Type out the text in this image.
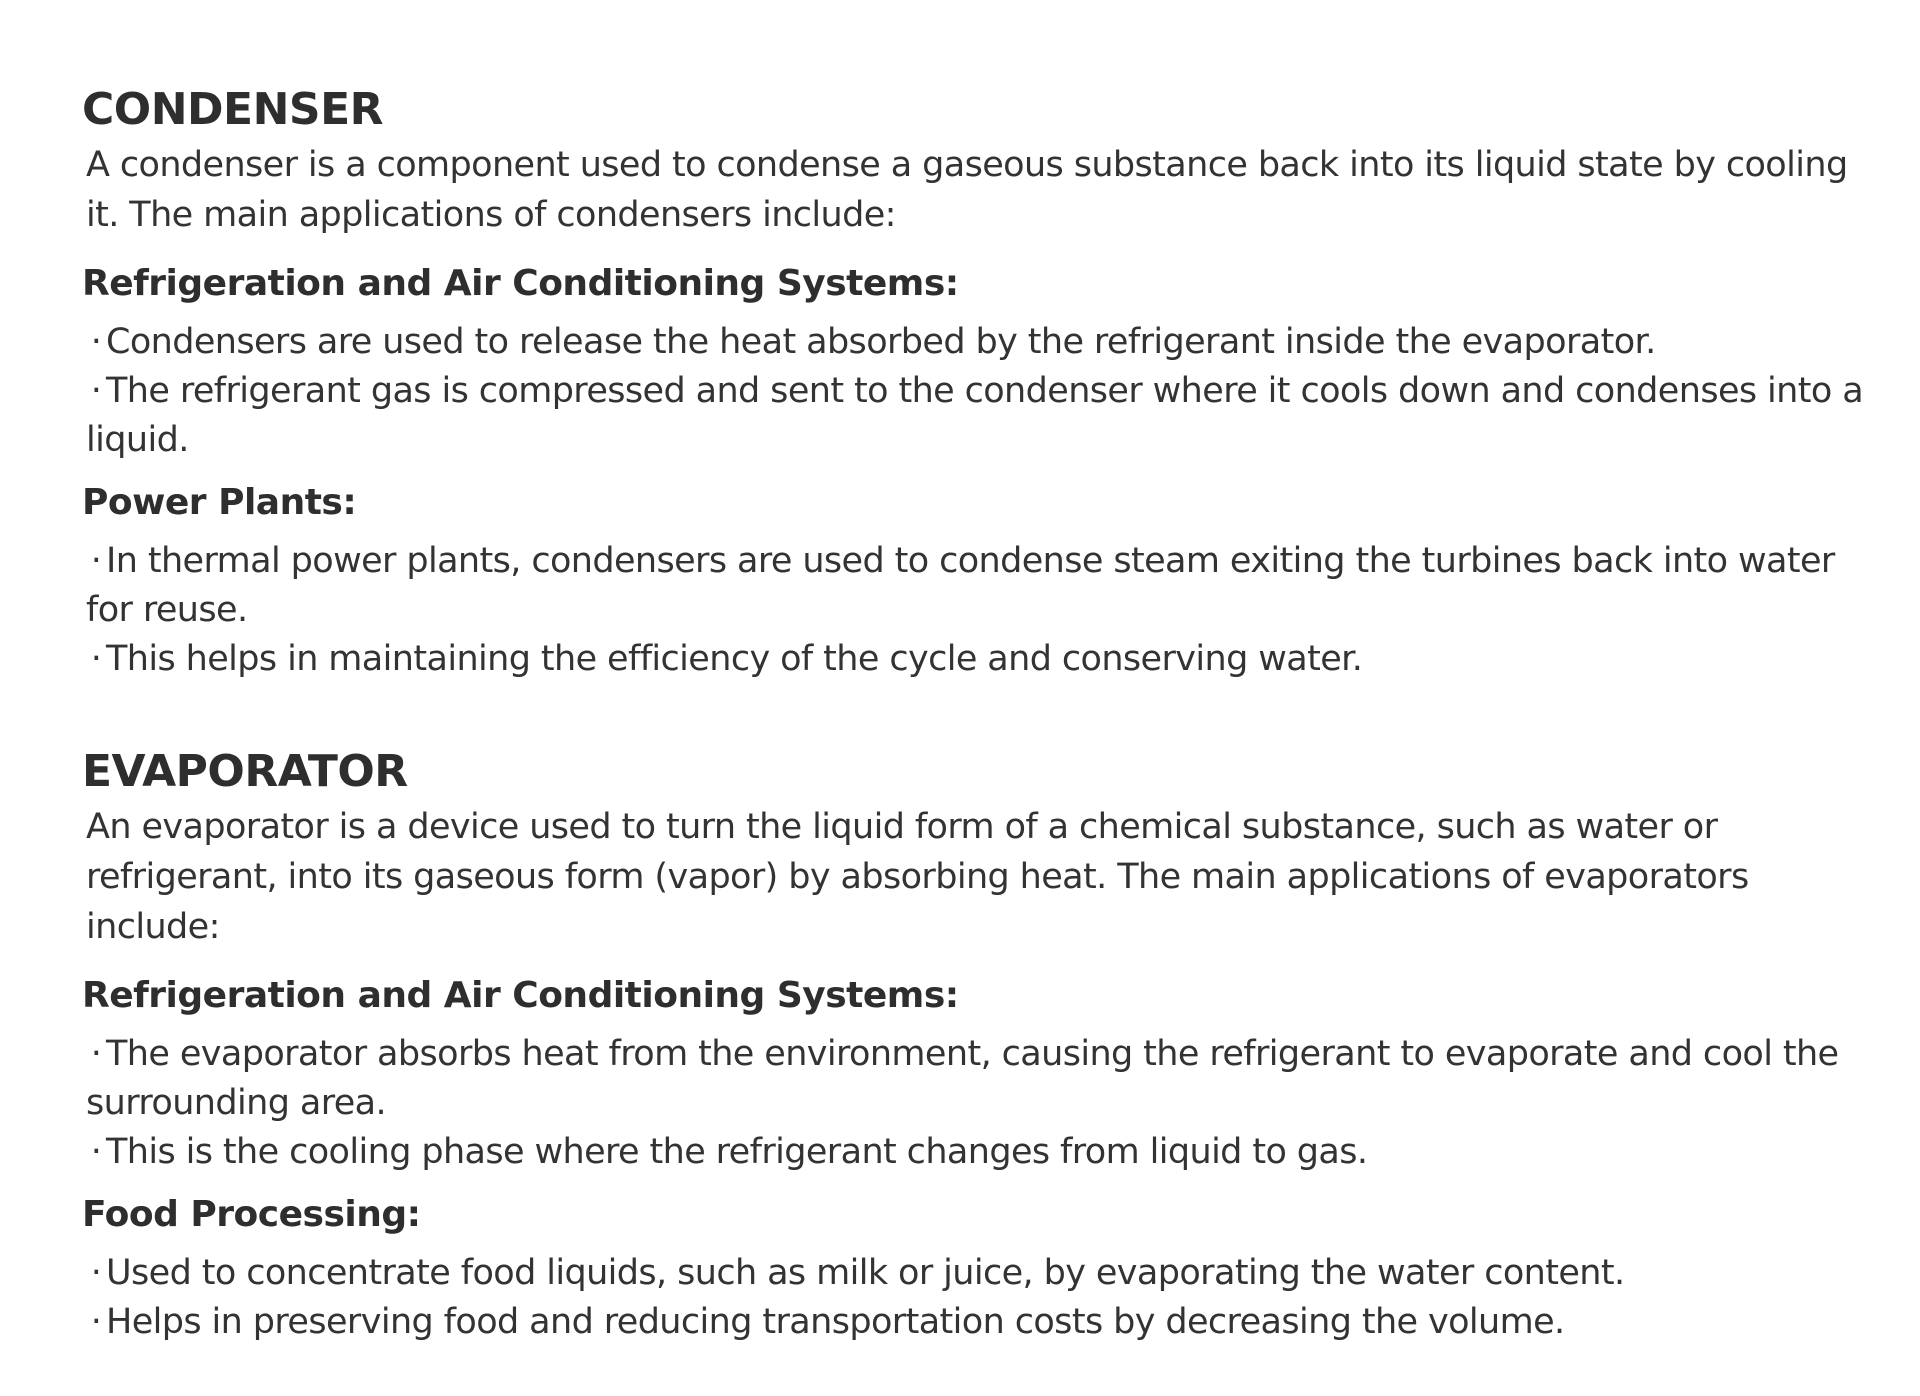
CONDENSER

A condenser is a component used to condense a gaseous substance back into its liquid state by cooling it. The main applications of condensers include:

Refrigeration and Air Conditioning Systems:
· Condensers are used to release the heat absorbed by the refrigerant inside the evaporator.
· The refrigerant gas is compressed and sent to the condenser where it cools down and condenses into a liquid.
Power Plants:
· In thermal power plants, condensers are used to condense steam exiting the turbines back into water for reuse.
· This helps in maintaining the efficiency of the cycle and conserving water.
EVAPORATOR

An evaporator is a device used to turn the liquid form of a chemical substance, such as water or refrigerant, into its gaseous form (vapor) by absorbing heat. The main applications of evaporators include:

Refrigeration and Air Conditioning Systems:
· The evaporator absorbs heat from the environment, causing the refrigerant to evaporate and cool the surrounding area.
· This is the cooling phase where the refrigerant changes from liquid to gas.
Food Processing:
· Used to concentrate food liquids, such as milk or juice, by evaporating the water content.
· Helps in preserving food and reducing transportation costs by decreasing the volume.
